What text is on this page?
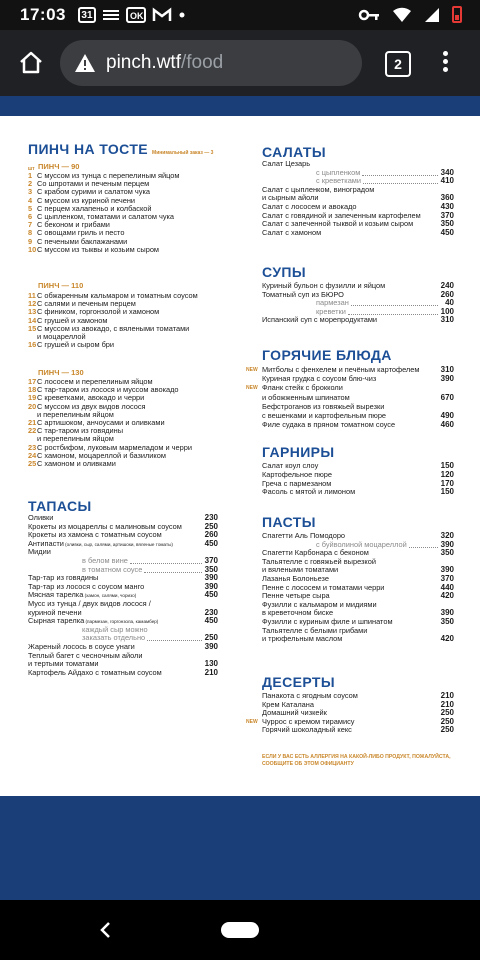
17:03	31	OK
pinch.wtf/food	2
ПИНЧ НА ТОСТЕ Минимальный заказ — 3 шт ПИНЧ — 90
ПИНЧ — 110
ПИНЧ — 130
1 С муссом из тунца с перепелиным яйцом
2 Со шпротами и печеным перцем
3 С крабом сурими и салатом чука
4 С муссом из куриной печени
5 С перцем халапеньо и колбаской
6 С цыпленком, томатами и салатом чука
7 С беконом и грибами
8 С овощами гриль и песто
9 С печеными баклажанами
10 С муссом из тыквы и козьим сыром
11 С обжаренным кальмаром и томатным соусом
12 С салями и печеным перцем
13 С фиником, горгонзолой и хамоном
14 С грушей и хамоном
15 С муссом из авокадо, с вялеными томатами
и моцареллой
16 С грушей и сыром бри
17 С лососем и перепелиным яйцом
18 С тар-таром из лосося и муссом авокадо
19 С креветками, авокадо и черри
20 С муссом из двух видов лосося
и перепелиным яйцом
21 С артишоком, анчоусами и оливками
22 С тар-таром из говядины
и перепелиным яйцом
23 С ростбифом, луковым мармеладом и черри
24 С хамоном, моцареллой и базиликом
25 С хамоном и оливками
ТАПАСЫ
Оливки	230
Крокеты из моцареллы с малиновым соусом	250
Крокеты из хамона с томатным соусом	260
Антипасти (оливки, сыр, салями, артишоки, вяленые томаты)	450
Мидии
в белом вине	370
в томатном соусе	350
Тар-тар из говядины	390
Тар-тар из лосося с соусом манго	390
Мясная тарелка (хамон, салями, чоризо)	450
Мусс из тунца / двух видов лосося /
куриной печени	230
Сырная тарелка (пармезан, горгонзола, камамбер)	450
каждый сыр можно
заказать отдельно	250
Жареный лосось в соусе унаги	390
Теплый багет с чесночным айоли
и тертыми томатами	130
Картофель Айдахо с томатным соусом	210
САЛАТЫ
Салат Цезарь
с цыпленком	340
с креветками	410
Салат с цыпленком, виноградом
и сырным айоли	360
Салат с лососем и авокадо	430
Салат с говядиной и запеченным картофелем	370
Салат с запеченной тыквой и козьим сыром	350
Салат с хамоном	450
СУПЫ
Куриный бульон с фузилли и яйцом	240
Томатный суп из БЮРО	260
пармезан	40
креветки	100
Испанский суп с морепродуктами	310
ГОРЯЧИЕ БЛЮДА
Митболы с фенхелем и печёным картофелем	310
NEW
Куриная грудка с соусом блю-чиз	390
Фланк стейк с брокколи
NEW
и обожженным шпинатом	670
Бефстроганов из говяжьей вырезки
с вешенками и картофельным пюре	490
Филе судака в пряном томатном соусе	460
ГАРНИРЫ
Салат коул слоу	150
Картофельное пюре	120
Греча с пармезаном	170
Фасоль с мятой и лимоном	150
ПАСТЫ
Спагетти Аль Помодоро	320
с буйволиной моцареллой	390
Спагетти Карбонара с беконом	350
Тальятелле с говяжьей вырезкой
и вялеными томатами	390
Лазанья Болоньезе	370
Пенне с лососем и томатами черри	440
Пенне четыре сыра	420
Фузилли с кальмаром и мидиями
в креветочном биске	390
Фузилли с куриным филе и шпинатом	350
Тальятелле с белыми грибами
и трюфельным маслом	420
ДЕСЕРТЫ
Панакота с ягодным соусом	210
Крем Каталана	210
Домашний чизкейк	250
Чуррос с кремом тирамису	250
NEW
Горячий шоколадный кекс	250
ЕСЛИ У ВАС ЕСТЬ АЛЛЕРГИЯ НА КАКОЙ-ЛИБО ПРОДУКТ, ПОЖАЛУЙСТА, СООБЩИТЕ ОБ ЭТОМ ОФИЦИАНТУ
